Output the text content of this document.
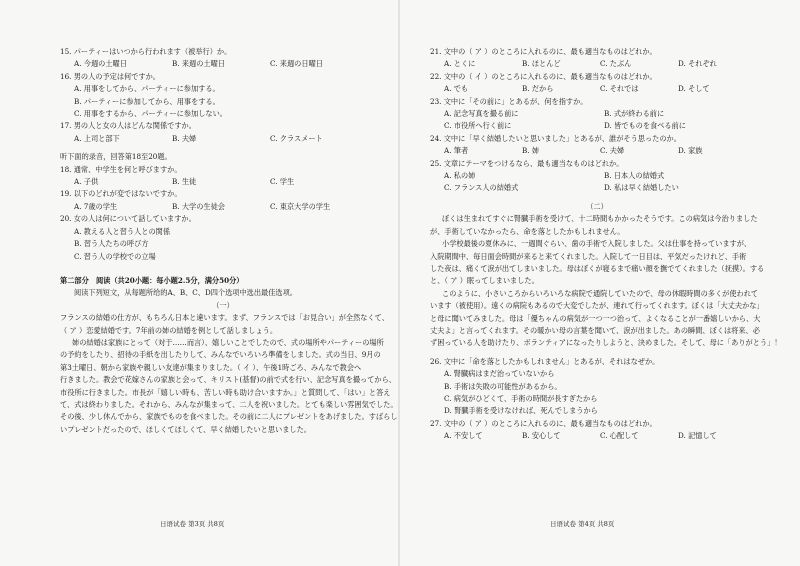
15. パーティーはいつから行われます（被举行）か。
A. 今週の土曜日	B. 来週の土曜日	C. 来週の日曜日
16. 男の人の予定は何ですか。
A. 用事をしてから、パーティーに参加する。
B. パーティーに参加してから、用事をする。
C. 用事をするから、パーティーに参加しない。
17. 男の人と女の人はどんな関係ですか。
A. 上司と部下	B. 夫婦	C. クラスメート
听下面的录音，回答第18至20题。
18. 通常、中学生を何と呼びますか。
A. 子供	B. 生徒	C. 学生
19. 以下のどれが変ではないですか。
A. 7歳の学生	B. 大学の生徒会	C. 東京大学の学生
20. 女の人は何について話していますか。
A. 教える人と習う人との関係
B. 習う人たちの呼び方
C. 習う人の学校での立場
第二部分　阅读（共20小题：每小题2.5分，满分50分）
阅读下列短文，从每题所给的A、B、C、D四个选项中选出最佳选项。
（一）
フランスの結婚の仕方が、もちろん日本と違います。まず、フランスでは「お見合い」が全然なくて、
（ ア ）恋愛結婚です。7年前の姉の結婚を例として話しましょう。
姉の結婚は家族にとって（対于……而言）、嬉しいことでしたので、式の場所やパーティーの場所
の予約をしたり、招待の手紙を出したりして、みんなでいろいろ準備をしました。式の当日、9月の
第3土曜日、朝から家族や親しい友達が集まりました。（ イ ）、午後1時ごろ、みんなで教会へ
行きました。教会で花嫁さんの家族と会って、キリスト(基督)の前で式を行い、記念写真を撮ってから、
市役所に行きました。市長が「嬉しい時も、苦しい時も助け合いますか。」と質問して、「はい」と答え
て、式は終わりました。それから、みんなが集まって、二人を祝いました。とても楽しい雰囲気でした。
その後、少し休んでから、家族でものを食べました。その前に二人にプレゼントをあげました。すばらし
いプレゼントだったので、ほしくてほしくて、早く結婚したいと思いました。
日语试卷 第3页 共8页
21. 文中の（ ア ）のところに入れるのに、最も適当なものはどれか。
A. とくに	B. ほとんど	C. たぶん	D. それぞれ
22. 文中の（ イ ）のところに入れるのに、最も適当なものはどれか。
A. でも	B. だから	C. それでは	D. そして
23. 文中に「その前に」とあるが、何を指すか。
A. 記念写真を撮る前に	B. 式が終わる前に
C. 市役所へ行く前に	D. 皆でものを食べる前に
24. 文中に「早く結婚したいと思いました」とあるが、誰がそう思ったのか。
A. 筆者	B. 姉	C. 夫婦	D. 家族
25. 文章にテーマをつけるなら、最も適当なものはどれか。
A. 私の姉	B. 日本人の結婚式
C. フランス人の結婚式	D. 私は早く結婚したい
（二）
ぼくは生まれてすぐに腎臓手術を受けて、十二時間もかかったそうです。この病気は今治りました
が、手術していなかったら、命を落としたかもしれません。
小学校最後の夏休みに、一週間ぐらい、歯の手術で入院しました。父は仕事を持っていますが、
入院期間中、毎日面会時間が来ると来てくれました。入院して一日目は、平気だったけれど、手術
した夜は、痛くて涙が出てしまいました。母はぼくが寝るまで痛い顔を撫でてくれました（抚摸）。する
と、（ ア ）眠ってしまいました。
このように、小さいころからいろいろな病院で通院していたので、母の休暇時間の多くが使われて
います（被使用）。遠くの病院もあるので大変でしたが、連れて行ってくれます。ぼくは「大丈夫かな」
と母に聞いてみました。母は「優ちゃんの病気が一つ一つ治って、よくなることが一番嬉しいから、大
丈夫よ」と言ってくれます。その暖かい母の言葉を聞いて、涙が出ました。あの瞬間、ぼくは将来、必
ず困っている人を助けたり、ボランティアになったりしようと、決めました。そして、母に「ありがとう」！
26. 文中に「命を落としたかもしれません」とあるが、それはなぜか。
A. 腎臓病はまだ治っていないから
B. 手術は失敗の可能性があるから。
C. 病気がひどくて、手術の時間が長すぎたから
D. 腎臓手術を受けなければ、死んでしまうから
27. 文中の（ ア ）のところに入れるのに、最も適当なものはどれか。
A. 不安して	B. 安心して	C. 心配して	D. 記憶して
日语试卷 第4页 共8页
